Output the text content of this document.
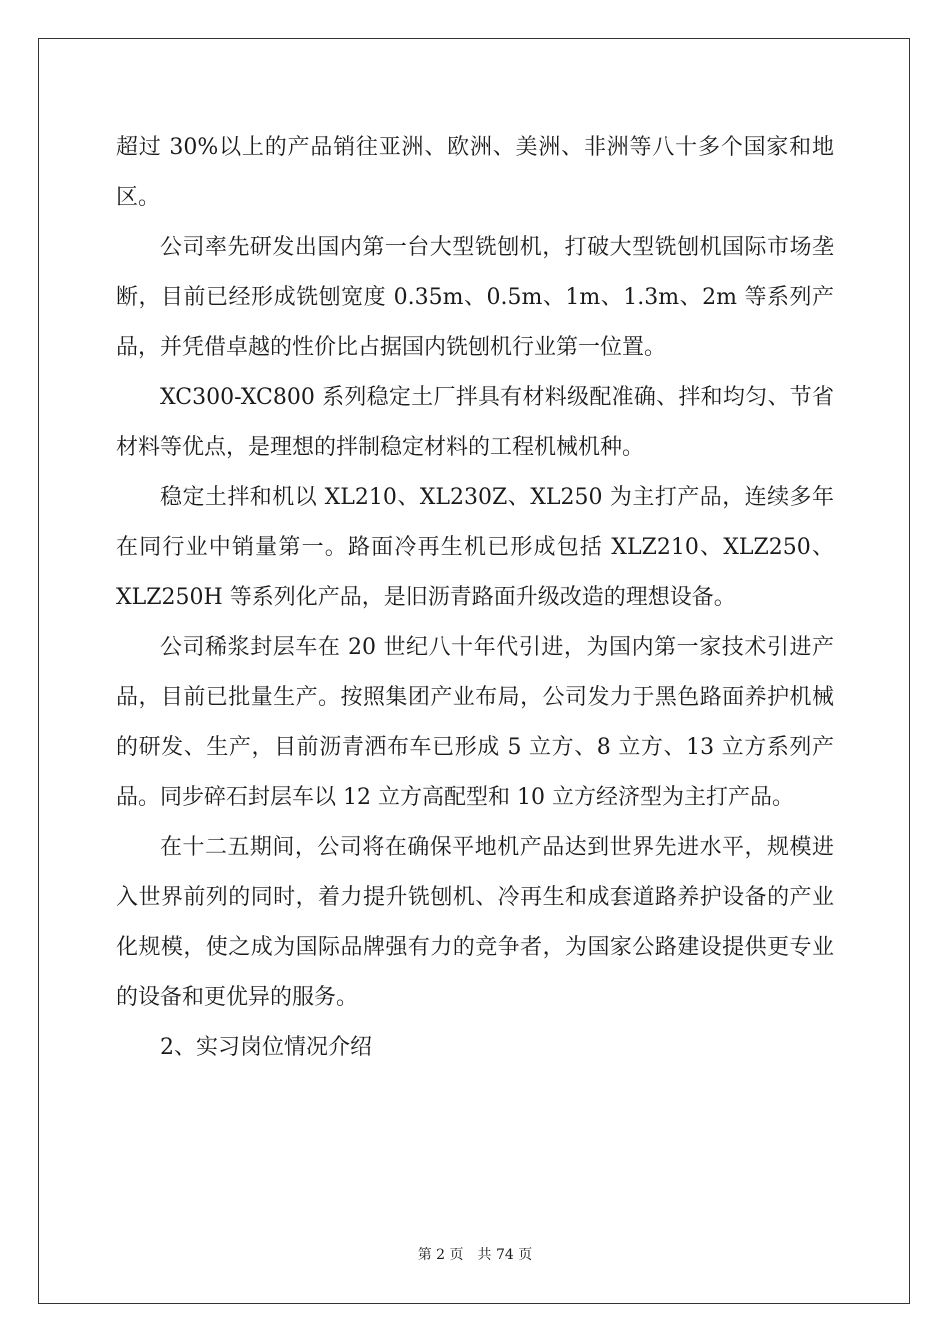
超过 30%以上的产品销往亚洲、欧洲、美洲、非洲等八十多个国家和地区。

公司率先研发出国内第一台大型铣刨机，打破大型铣刨机国际市场垄断，目前已经形成铣刨宽度 0.35m、0.5m、1m、1.3m、2m 等系列产品，并凭借卓越的性价比占据国内铣刨机行业第一位置。

XC300-XC800 系列稳定土厂拌具有材料级配准确、拌和均匀、节省材料等优点，是理想的拌制稳定材料的工程机械机种。

稳定土拌和机以 XL210、XL230Z、XL250 为主打产品，连续多年在同行业中销量第一。路面冷再生机已形成包括 XLZ210、XLZ250、XLZ250H 等系列化产品，是旧沥青路面升级改造的理想设备。

公司稀浆封层车在 20 世纪八十年代引进，为国内第一家技术引进产品，目前已批量生产。按照集团产业布局，公司发力于黑色路面养护机械的研发、生产，目前沥青洒布车已形成 5 立方、8 立方、13 立方系列产品。同步碎石封层车以 12 立方高配型和 10 立方经济型为主打产品。

在十二五期间，公司将在确保平地机产品达到世界先进水平，规模进入世界前列的同时，着力提升铣刨机、冷再生和成套道路养护设备的产业化规模，使之成为国际品牌强有力的竞争者，为国家公路建设提供更专业的设备和更优异的服务。

2、实习岗位情况介绍

第 2 页 共 74 页
